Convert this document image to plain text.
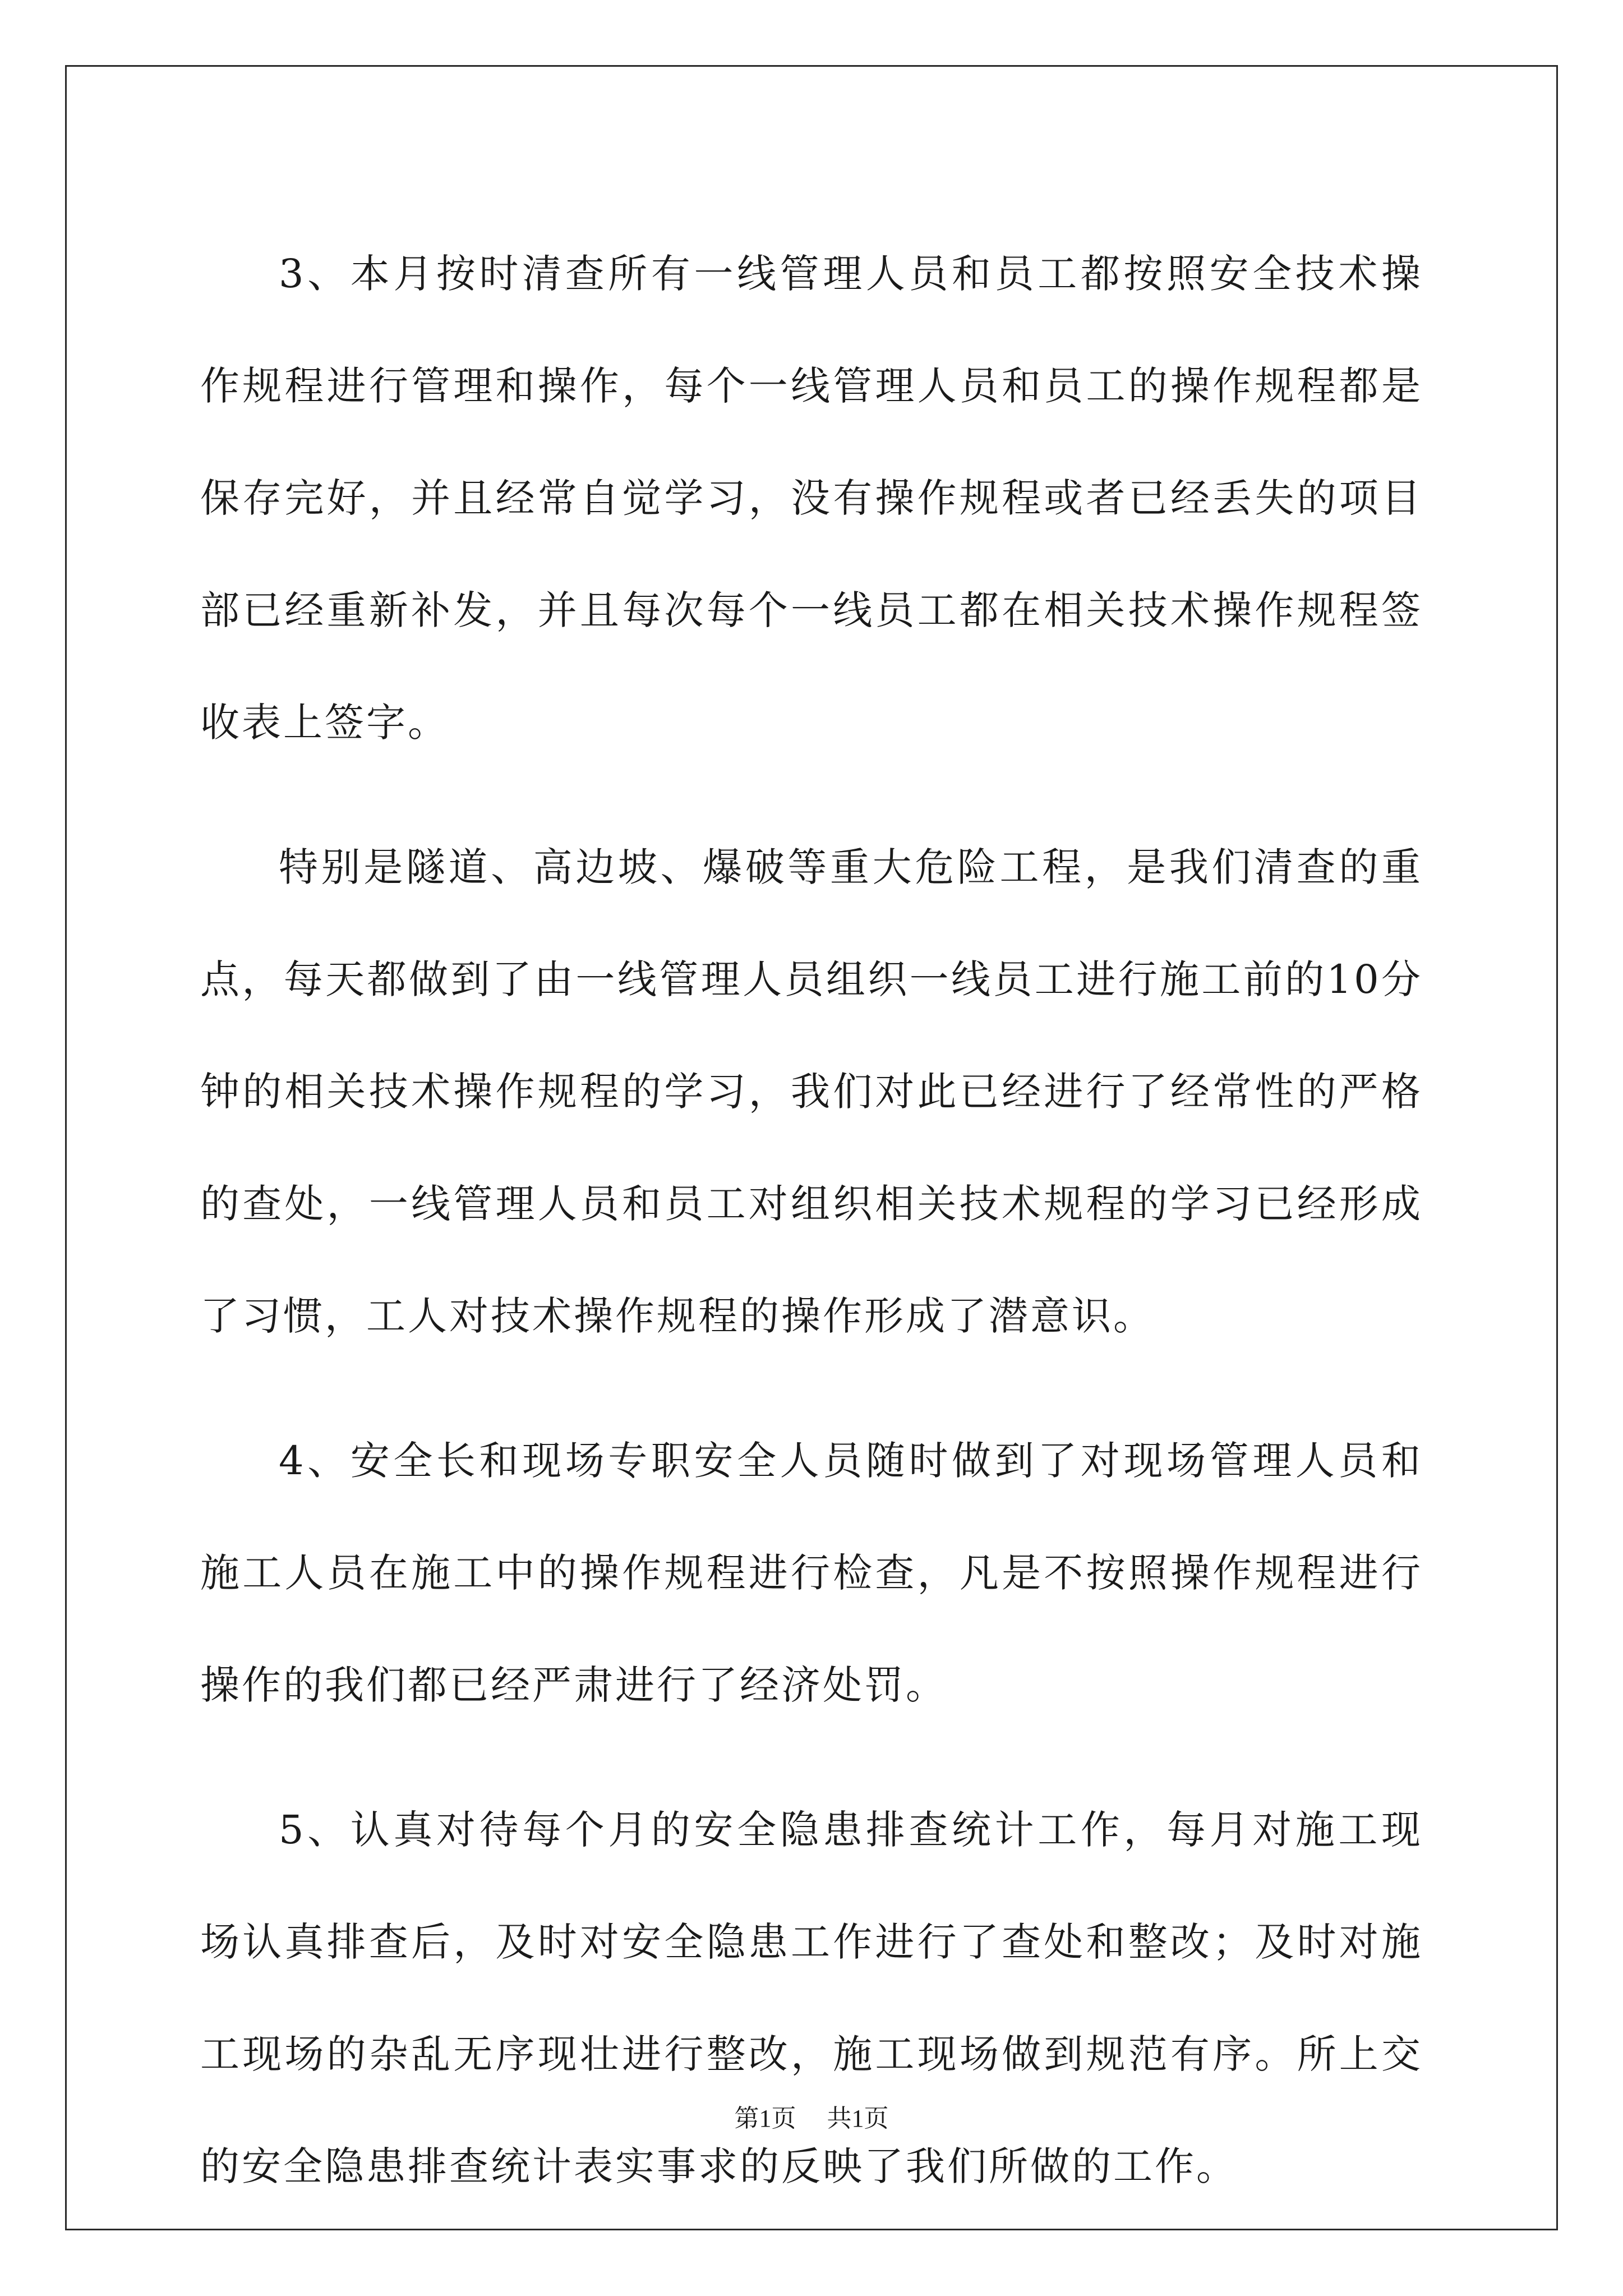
3、本月按时清查所有一线管理人员和员工都按照安全技术操作规程进行管理和操作，每个一线管理人员和员工的操作规程都是保存完好，并且经常自觉学习，没有操作规程或者已经丢失的项目部已经重新补发，并且每次每个一线员工都在相关技术操作规程签收表上签字。

特别是隧道、高边坡、爆破等重大危险工程，是我们清查的重点，每天都做到了由一线管理人员组织一线员工进行施工前的10分钟的相关技术操作规程的学习，我们对此已经进行了经常性的严格的查处，一线管理人员和员工对组织相关技术规程的学习已经形成了习惯，工人对技术操作规程的操作形成了潜意识。

4、安全长和现场专职安全人员随时做到了对现场管理人员和施工人员在施工中的操作规程进行检查，凡是不按照操作规程进行操作的我们都已经严肃进行了经济处罚。

5、认真对待每个月的安全隐患排查统计工作，每月对施工现场认真排查后，及时对安全隐患工作进行了查处和整改；及时对施工现场的杂乱无序现壮进行整改，施工现场做到规范有序。所上交的安全隐患排查统计表实事求的反映了我们所做的工作。

第1页 共1页
